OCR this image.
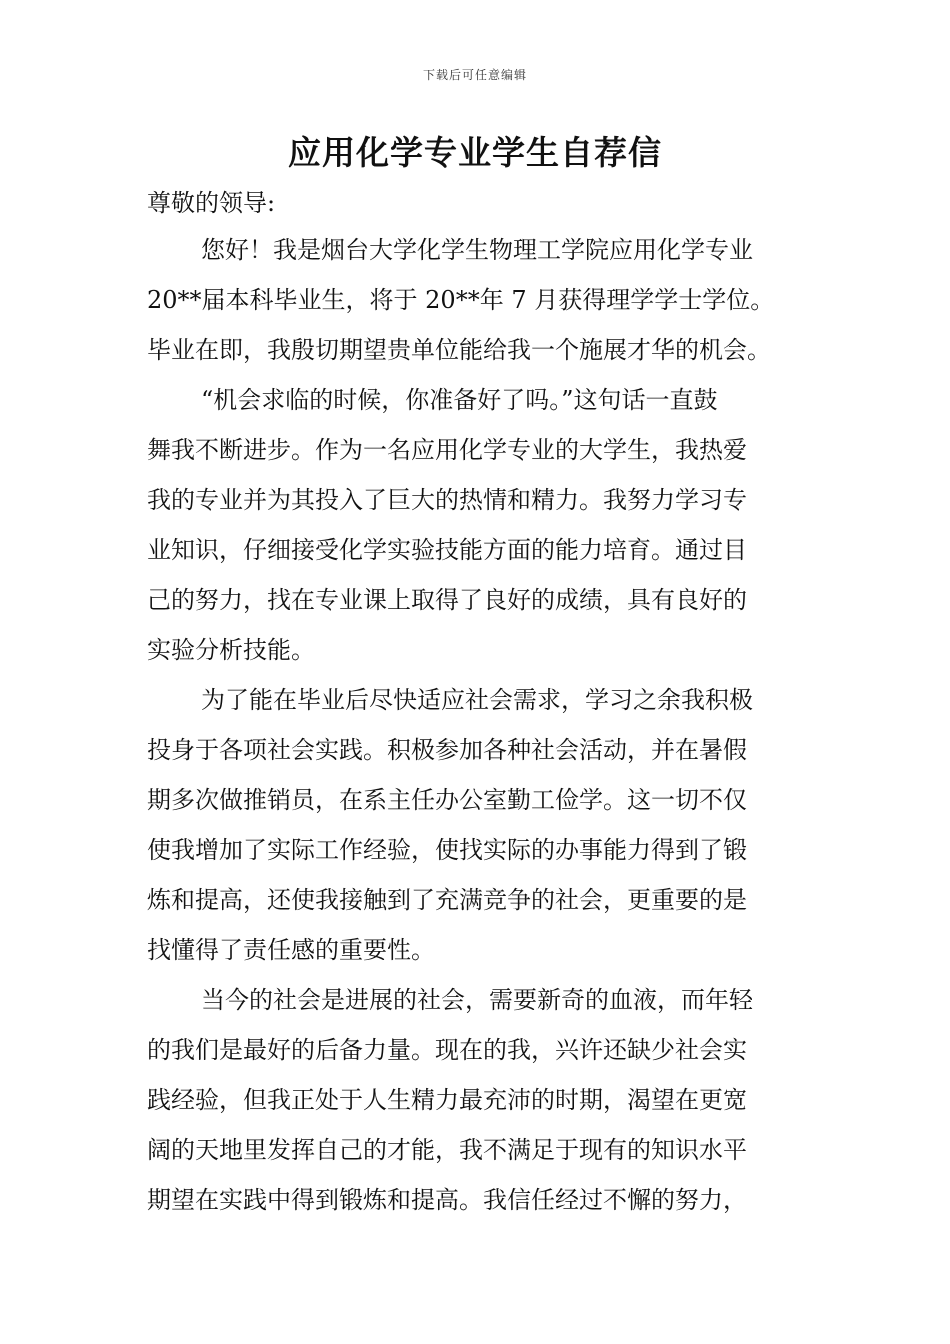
下载后可任意编辑
应用化学专业学生自荐信
尊敬的领导:
您好！我是烟台大学化学生物理工学院应用化学专业
20**届本科毕业生，将于 20**年 7 月获得理学学士学位。
毕业在即，我殷切期望贵单位能给我一个施展才华的机会。
“机会求临的时候，你准备好了吗。”这句话一直鼓
舞我不断进步。作为一名应用化学专业的大学生，我热爱
我的专业并为其投入了巨大的热情和精力。我努力学习专
业知识，仔细接受化学实验技能方面的能力培育。通过目
己的努力，找在专业课上取得了良好的成绩，具有良好的
实验分析技能。
为了能在毕业后尽快适应社会需求，学习之余我积极
投身于各项社会实践。积极参加各种社会活动，并在暑假
期多次做推销员，在系主任办公室勤工俭学。这一切不仅
使我增加了实际工作经验，使找实际的办事能力得到了锻
炼和提高，还使我接触到了充满竞争的社会，更重要的是
找懂得了责任感的重要性。
当今的社会是进展的社会，需要新奇的血液，而年轻
的我们是最好的后备力量。现在的我，兴许还缺少社会实
践经验，但我正处于人生精力最充沛的时期，渴望在更宽
阔的天地里发挥自己的才能，我不满足于现有的知识水平
期望在实践中得到锻炼和提高。我信任经过不懈的努力，
